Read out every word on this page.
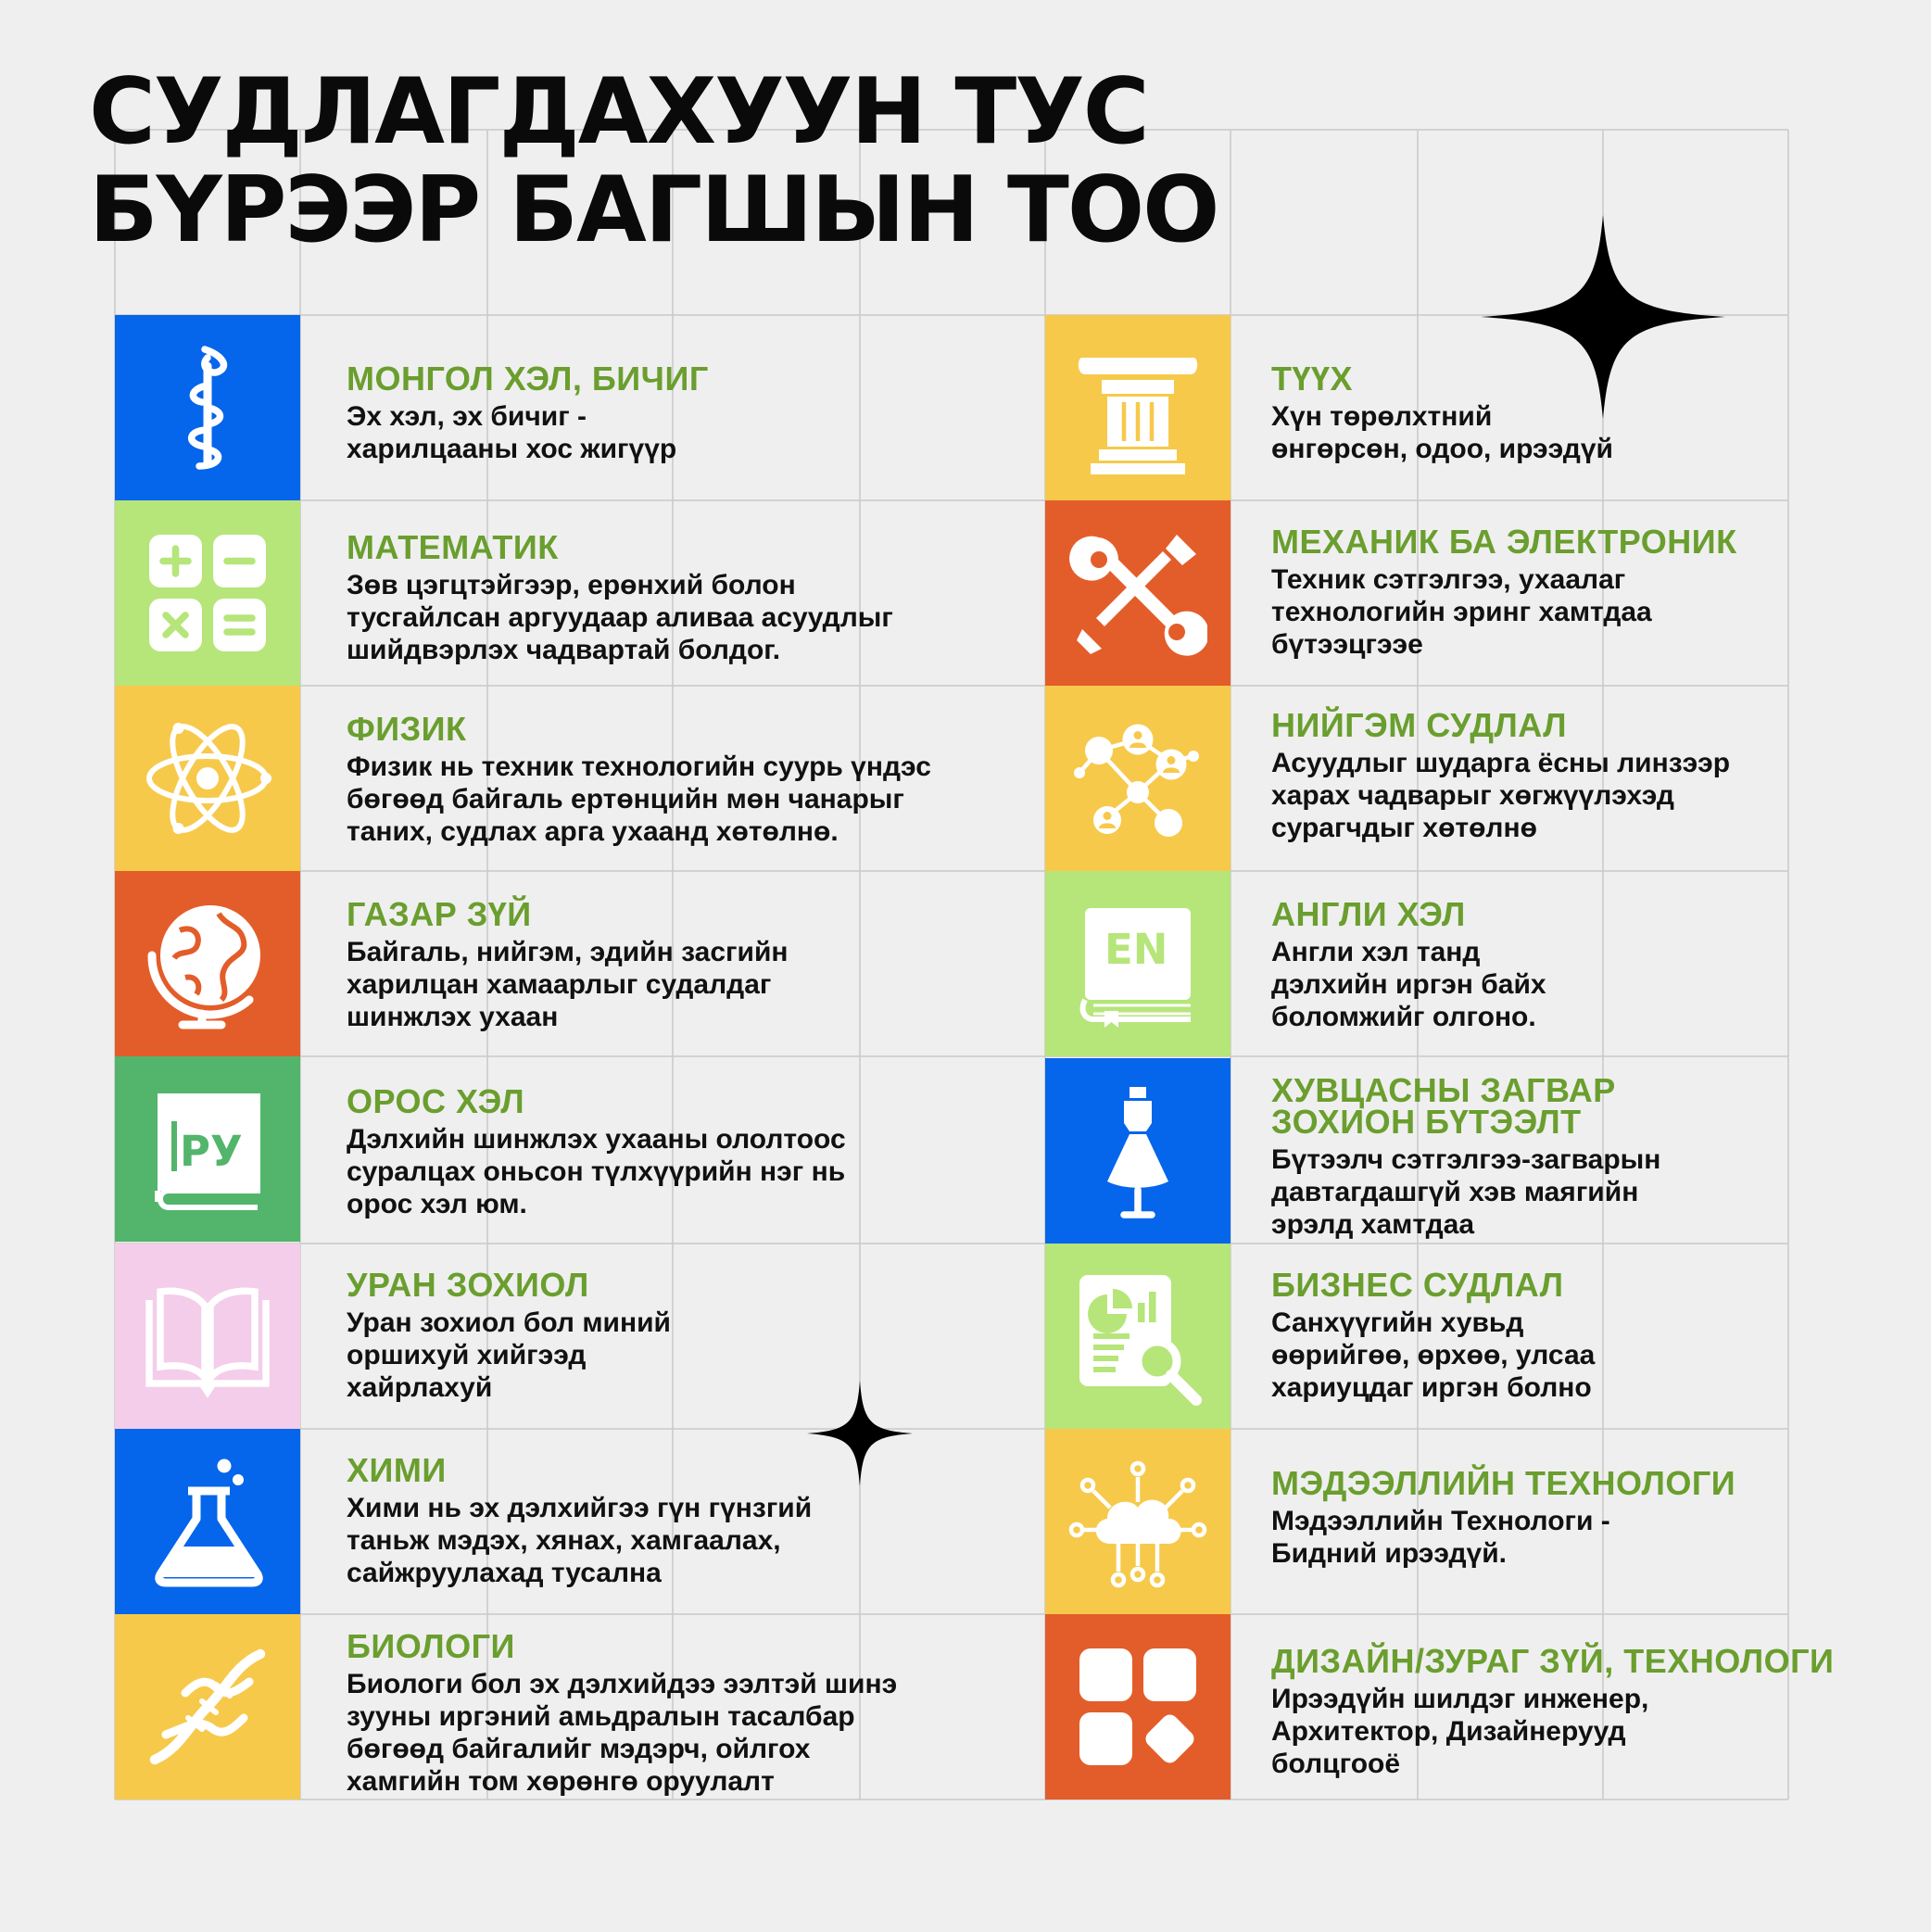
СУДЛАГДАХУУН ТУС
БҮРЭЭР БАГШЫН ТОО
МОНГОЛ ХЭЛ, БИЧИГ
Эх хэл, эх бичиг -
харилцааны хос жигүүр
МАТЕМАТИК
Зөв цэгцтэйгээр, ерөнхий болон
тусгайлсан аргуудаар аливаа асуудлыг
шийдвэрлэх чадвартай болдог.
ФИЗИК
Физик нь техник технологийн суурь үндэс
бөгөөд байгаль ертөнцийн мөн чанарыг
таних, судлах арга ухаанд хөтөлнө.
ГАЗАР ЗҮЙ
Байгаль, нийгэм, эдийн засгийн
харилцан хамаарлыг судалдаг
шинжлэх ухаан
PУ
ОРОС ХЭЛ
Дэлхийн шинжлэх ухааны ололтоос
суралцах оньсон түлхүүрийн нэг нь
орос хэл юм.
УРАН ЗОХИОЛ
Уран зохиол бол миний
оршихуй хийгээд
хайрлахуй
ХИМИ
Хими нь эх дэлхийгээ гүн гүнзгий
таньж мэдэх, хянах, хамгаалах,
сайжруулахад тусална
БИОЛОГИ
Биологи бол эх дэлхийдээ ээлтэй шинэ
зууны иргэний амьдралын тасалбар
бөгөөд байгалийг мэдэрч, ойлгох
хамгийн том хөрөнгө оруулалт
ТҮҮХ
Хүн төрөлхтний
өнгөрсөн, одоо, ирээдүй
МЕХАНИК БА ЭЛЕКТРОНИК
Техник сэтгэлгээ, ухаалаг
технологийн эринг хамтдаа
бүтээцгээе
НИЙГЭМ СУДЛАЛ
Асуудлыг шударга ёсны линзээр
харах чадварыг хөгжүүлэхэд
сурагчдыг хөтөлнө
EN
АНГЛИ ХЭЛ
Англи хэл танд
дэлхийн иргэн байх
боломжийг олгоно.
ХУВЦАСНЫ ЗАГВАР
ЗОХИОН БҮТЭЭЛТ
Бүтээлч сэтгэлгээ-загварын
давтагдашгүй хэв маягийн
эрэлд хамтдаа
БИЗНЕС СУДЛАЛ
Санхүүгийн хувьд
өөрийгөө, өрхөө, улсаа
хариуцдаг иргэн болно
МЭДЭЭЛЛИЙН ТЕХНОЛОГИ
Мэдээллийн Технологи -
Бидний ирээдүй.
ДИЗАЙН/ЗУРАГ ЗҮЙ, ТЕХНОЛОГИ
Ирээдүйн шилдэг инженер,
Архитектор, Дизайнерууд
болцгооё
